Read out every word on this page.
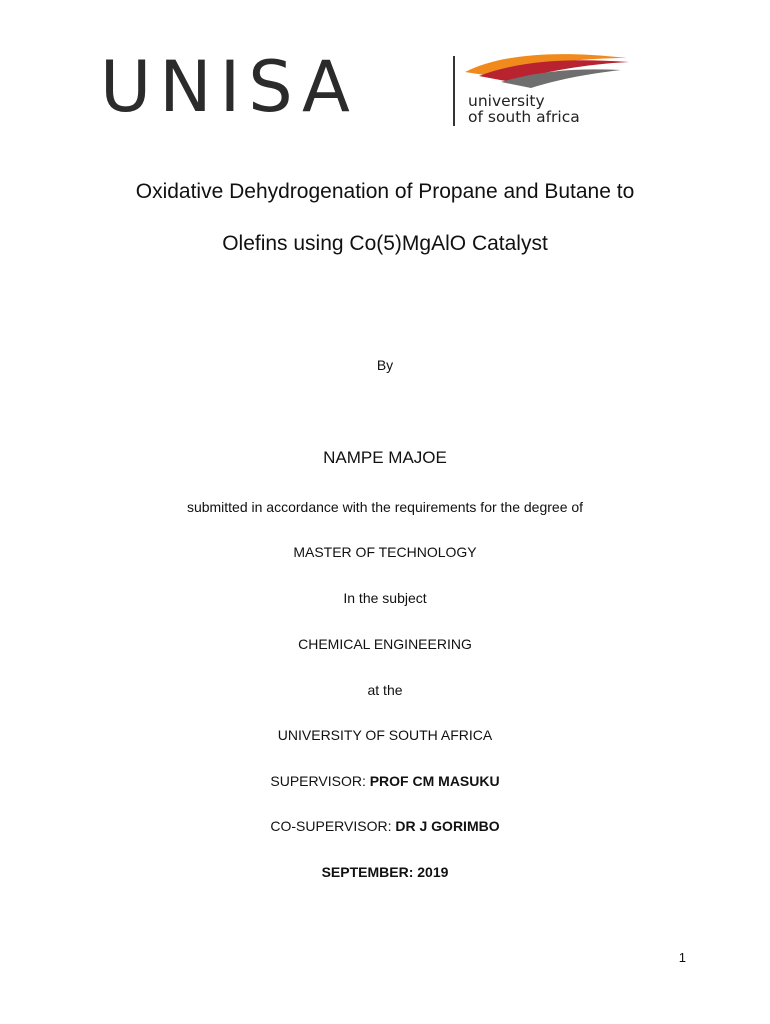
UNISA	university
of south africa
Oxidative Dehydrogenation of Propane and Butane to
Olefins using Co(5)MgAlO Catalyst
By
NAMPE MAJOE
submitted in accordance with the requirements for the degree of
MASTER OF TECHNOLOGY
In the subject
CHEMICAL ENGINEERING
at the
UNIVERSITY OF SOUTH AFRICA
SUPERVISOR: PROF CM MASUKU
CO-SUPERVISOR: DR J GORIMBO
SEPTEMBER: 2019
1
